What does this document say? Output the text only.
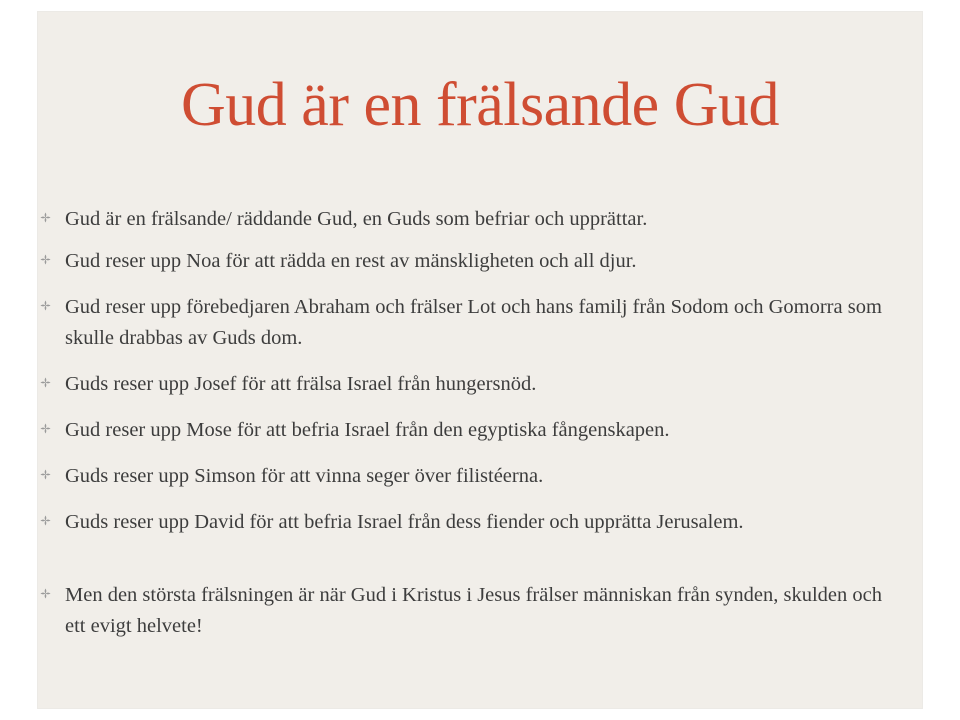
Gud är en frälsande Gud
Gud är en frälsande/ räddande Gud, en Guds som befriar och upprättar.
Gud reser upp Noa för att rädda en rest av mänskligheten och all djur.
Gud reser upp förebedjaren Abraham och frälser Lot och hans familj från Sodom och Gomorra som skulle drabbas av Guds dom.
Guds reser upp Josef för att frälsa Israel från hungersnöd.
Gud reser upp Mose för att befria Israel från den egyptiska fångenskapen.
Guds reser upp Simson för att vinna seger över filistéerna.
Guds reser upp David för att befria Israel från dess fiender och upprätta Jerusalem.
Men den största frälsningen är när Gud i Kristus i Jesus frälser människan från synden, skulden och ett evigt helvete!
